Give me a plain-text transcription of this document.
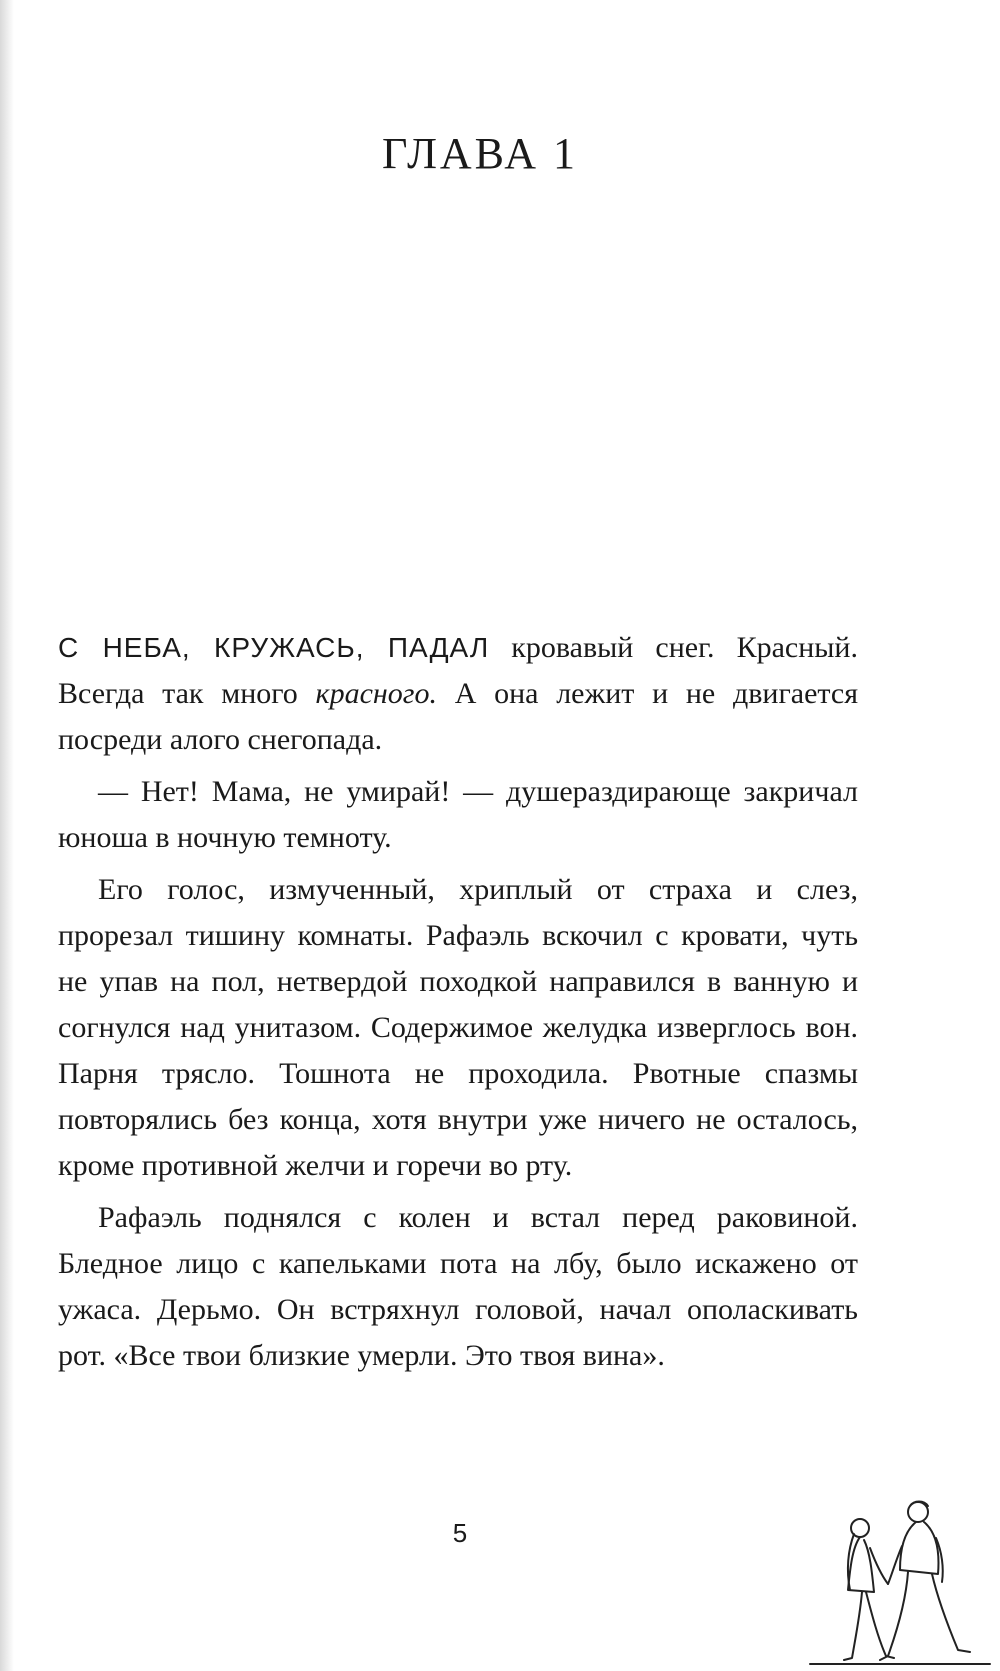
ГЛАВА 1

С НЕБА, КРУЖАСЬ, ПАДАЛ кровавый снег. Красный. Всегда так много красного. А она лежит и не двигается посреди алого снегопада.

— Нет! Мама, не умирай! — душераздирающе закричал юноша в ночную темноту.

Его голос, измученный, хриплый от страха и слез, прорезал тишину комнаты. Рафаэль вскочил с кровати, чуть не упав на пол, нетвердой походкой направился в ванную и согнулся над унитазом. Содержимое желудка изверглось вон. Парня трясло. Тошнота не проходила. Рвотные спазмы повторялись без конца, хотя внутри уже ничего не осталось, кроме противной желчи и горечи во рту.

Рафаэль поднялся с колен и встал перед раковиной. Бледное лицо с капельками пота на лбу, было искажено от ужаса. Дерьмо. Он встряхнул головой, начал ополаскивать рот. «Все твои близкие умерли. Это твоя вина».

5
